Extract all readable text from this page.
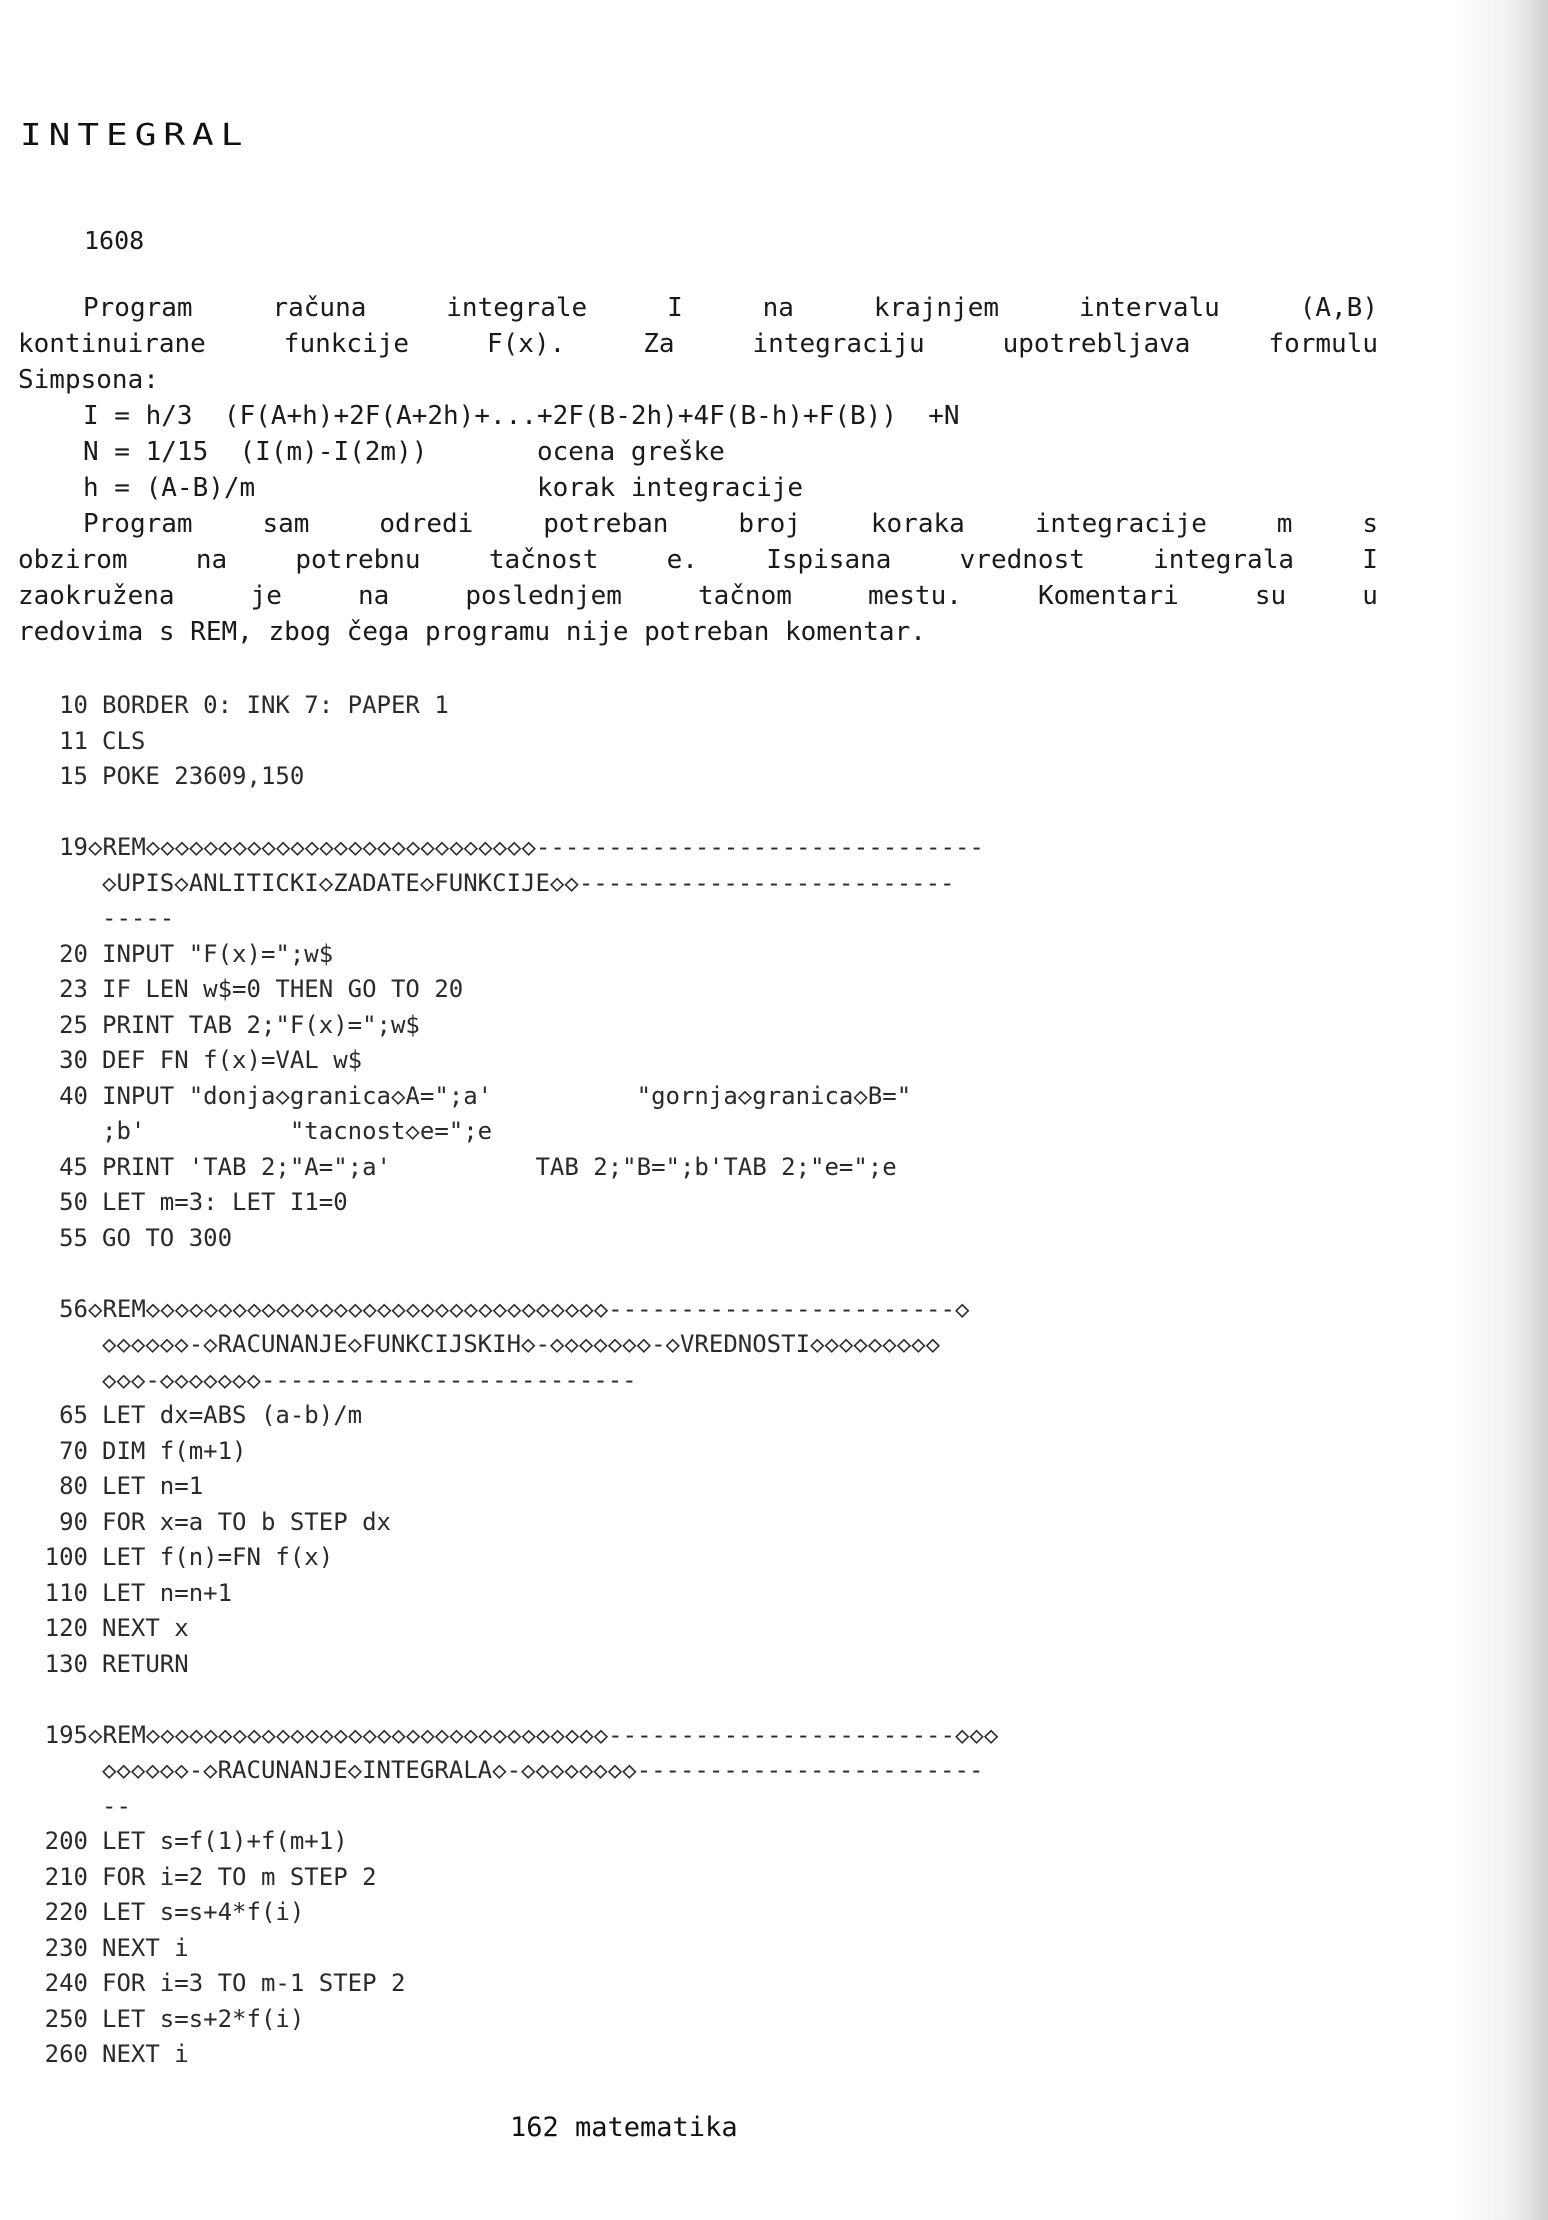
INTEGRAL
1608
Program	računa	integrale	I	na	krajnjem	intervalu	(A,B)
kontinuirane	funkcije	F(x).	Za	integraciju	upotrebljava	formulu
Simpsona:
I = h/3  (F(A+h)+2F(A+2h)+...+2F(B-2h)+4F(B-h)+F(B))  +N
N = 1/15  (I(m)-I(2m))       ocena greške
h = (A-B)/m                  korak integracije
Program	sam	odredi	potreban	broj	koraka	integracije	m	s
obzirom	na	potrebnu	tačnost	e.	Ispisana	vrednost	integrala	I
zaokružena	je	na	poslednjem	tačnom	mestu.	Komentari	su	u
redovima s REM, zbog čega programu nije potreban komentar.
10 BORDER 0: INK 7: PAPER 1
11 CLS
15 POKE 23609,150
19 ◇REM◇◇◇◇◇◇◇◇◇◇◇◇◇◇◇◇◇◇◇◇◇◇◇◇◇◇◇-------------------------------
◇UPIS◇ANLITICKI◇ZADATE◇FUNKCIJE◇◇--------------------------
-----
20 INPUT "F(x)=";w$
23 IF LEN w$=0 THEN GO TO 20
25 PRINT TAB 2;"F(x)=";w$
30 DEF FN f(x)=VAL w$
40 INPUT "donja◇granica◇A=";a'          "gornja◇granica◇B="
;b'          "tacnost◇e=";e
45 PRINT 'TAB 2;"A=";a'          TAB 2;"B=";b'TAB 2;"e=";e
50 LET m=3: LET I1=0
55 GO TO 300
56 ◇REM◇◇◇◇◇◇◇◇◇◇◇◇◇◇◇◇◇◇◇◇◇◇◇◇◇◇◇◇◇◇◇◇------------------------◇
◇◇◇◇◇◇-◇RACUNANJE◇FUNKCIJSKIH◇-◇◇◇◇◇◇◇-◇VREDNOSTI◇◇◇◇◇◇◇◇◇
◇◇◇-◇◇◇◇◇◇◇--------------------------
65 LET dx=ABS (a-b)/m
70 DIM f(m+1)
80 LET n=1
90 FOR x=a TO b STEP dx
100 LET f(n)=FN f(x)
110 LET n=n+1
120 NEXT x
130 RETURN
195 ◇REM◇◇◇◇◇◇◇◇◇◇◇◇◇◇◇◇◇◇◇◇◇◇◇◇◇◇◇◇◇◇◇◇------------------------◇◇◇
◇◇◇◇◇◇-◇RACUNANJE◇INTEGRALA◇-◇◇◇◇◇◇◇◇------------------------
--
200 LET s=f(1)+f(m+1)
210 FOR i=2 TO m STEP 2
220 LET s=s+4*f(i)
230 NEXT i
240 FOR i=3 TO m-1 STEP 2
250 LET s=s+2*f(i)
260 NEXT i
162 matematika
